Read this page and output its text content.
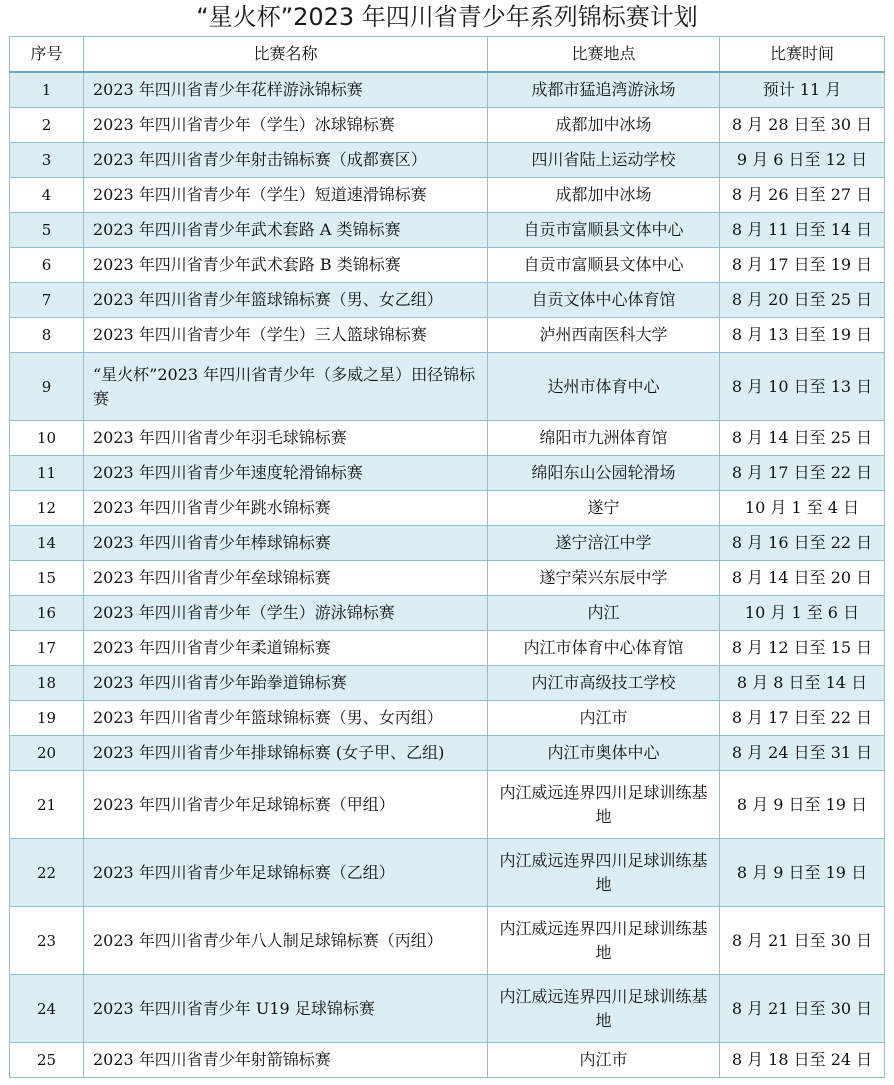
“星火杯”2023 年四川省青少年系列锦标赛计划
序号	比赛名称	比赛地点	比赛时间
1	2023 年四川省青少年花样游泳锦标赛	成都市猛追湾游泳场	预计 11 月
2	2023 年四川省青少年（学生）冰球锦标赛	成都加中冰场	8 月 28 日至 30 日
3	2023 年四川省青少年射击锦标赛（成都赛区）	四川省陆上运动学校	9 月 6 日至 12 日
4	2023 年四川省青少年（学生）短道速滑锦标赛	成都加中冰场	8 月 26 日至 27 日
5	2023 年四川省青少年武术套路 A 类锦标赛	自贡市富顺县文体中心	8 月 11 日至 14 日
6	2023 年四川省青少年武术套路 B 类锦标赛	自贡市富顺县文体中心	8 月 17 日至 19 日
7	2023 年四川省青少年篮球锦标赛（男、女乙组）	自贡文体中心体育馆	8 月 20 日至 25 日
8	2023 年四川省青少年（学生）三人篮球锦标赛	泸州西南医科大学	8 月 13 日至 19 日
9	“星火杯”2023 年四川省青少年（多威之星）田径锦标赛	达州市体育中心	8 月 10 日至 13 日
10	2023 年四川省青少年羽毛球锦标赛	绵阳市九洲体育馆	8 月 14 日至 25 日
11	2023 年四川省青少年速度轮滑锦标赛	绵阳东山公园轮滑场	8 月 17 日至 22 日
12	2023 年四川省青少年跳水锦标赛	遂宁	10 月 1 至 4 日
14	2023 年四川省青少年棒球锦标赛	遂宁涪江中学	8 月 16 日至 22 日
15	2023 年四川省青少年垒球锦标赛	遂宁荣兴东辰中学	8 月 14 日至 20 日
16	2023 年四川省青少年（学生）游泳锦标赛	内江	10 月 1 至 6 日
17	2023 年四川省青少年柔道锦标赛	内江市体育中心体育馆	8 月 12 日至 15 日
18	2023 年四川省青少年跆拳道锦标赛	内江市高级技工学校	8 月 8 日至 14 日
19	2023 年四川省青少年篮球锦标赛（男、女丙组）	内江市	8 月 17 日至 22 日
20	2023 年四川省青少年排球锦标赛 (女子甲、乙组)	内江市奥体中心	8 月 24 日至 31 日
21	2023 年四川省青少年足球锦标赛（甲组）	内江威远连界四川足球训练基地	8 月 9 日至 19 日
22	2023 年四川省青少年足球锦标赛（乙组）	内江威远连界四川足球训练基地	8 月 9 日至 19 日
23	2023 年四川省青少年八人制足球锦标赛（丙组）	内江威远连界四川足球训练基地	8 月 21 日至 30 日
24	2023 年四川省青少年 U19 足球锦标赛	内江威远连界四川足球训练基地	8 月 21 日至 30 日
25	2023 年四川省青少年射箭锦标赛	内江市	8 月 18 日至 24 日
